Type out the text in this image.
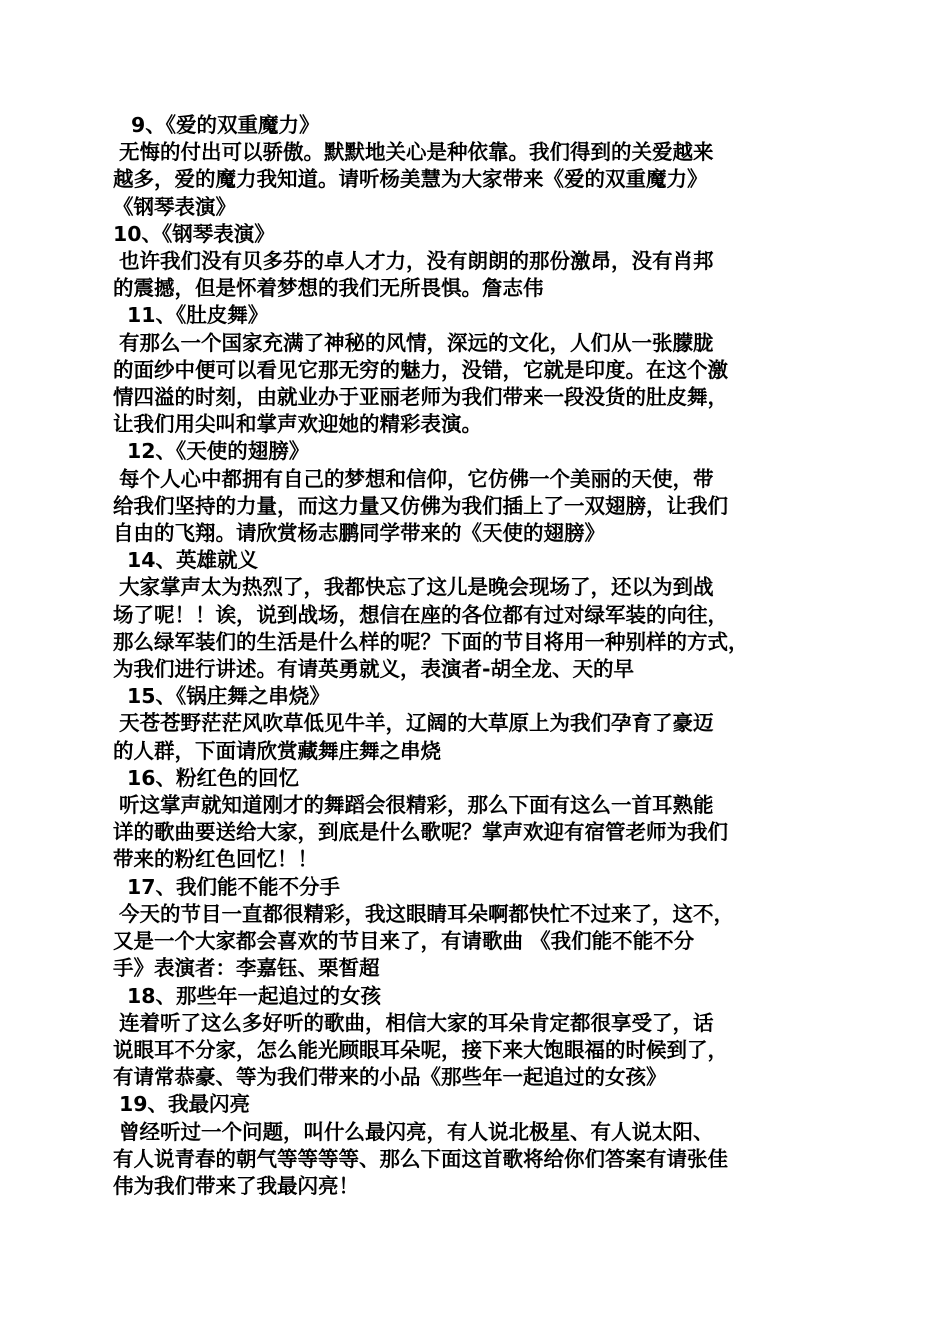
9、《爱的双重魔力》
无悔的付出可以骄傲。默默地关心是种依靠。我们得到的关爱越来
越多，爱的魔力我知道。请听杨美慧为大家带来《爱的双重魔力》
《钢琴表演》
10、《钢琴表演》
也许我们没有贝多芬的卓人才力，没有朗朗的那份激昂，没有肖邦
的震撼，但是怀着梦想的我们无所畏惧。詹志伟
11、《肚皮舞》
有那么一个国家充满了神秘的风情，深远的文化，人们从一张朦胧
的面纱中便可以看见它那无穷的魅力，没错，它就是印度。在这个激
情四溢的时刻，由就业办于亚丽老师为我们带来一段没货的肚皮舞，
让我们用尖叫和掌声欢迎她的精彩表演。
12、《天使的翅膀》
每个人心中都拥有自己的梦想和信仰，它仿佛一个美丽的天使，带
给我们坚持的力量，而这力量又仿佛为我们插上了一双翅膀，让我们
自由的飞翔。请欣赏杨志鹏同学带来的《天使的翅膀》
14、英雄就义
大家掌声太为热烈了，我都快忘了这儿是晚会现场了，还以为到战
场了呢！！诶，说到战场，想信在座的各位都有过对绿军装的向往，
那么绿军装们的生活是什么样的呢？下面的节目将用一种别样的方式，
为我们进行讲述。有请英勇就义，表演者-胡全龙、天的早
15、《锅庄舞之串烧》
天苍苍野茫茫风吹草低见牛羊，辽阔的大草原上为我们孕育了豪迈
的人群，下面请欣赏藏舞庄舞之串烧
16、粉红色的回忆
听这掌声就知道刚才的舞蹈会很精彩，那么下面有这么一首耳熟能
详的歌曲要送给大家，到底是什么歌呢？掌声欢迎有宿管老师为我们
带来的粉红色回忆！！
17、我们能不能不分手
今天的节目一直都很精彩，我这眼睛耳朵啊都快忙不过来了，这不，
又是一个大家都会喜欢的节目来了，有请歌曲 《我们能不能不分
手》表演者：李嘉钰、栗皙超
18、那些年一起追过的女孩
连着听了这么多好听的歌曲，相信大家的耳朵肯定都很享受了，话
说眼耳不分家，怎么能光顾眼耳朵呢，接下来大饱眼福的时候到了，
有请常恭豪、等为我们带来的小品《那些年一起追过的女孩》
19、我最闪亮
曾经听过一个问题，叫什么最闪亮，有人说北极星、有人说太阳、
有人说青春的朝气等等等等、那么下面这首歌将给你们答案有请张佳
伟为我们带来了我最闪亮！
